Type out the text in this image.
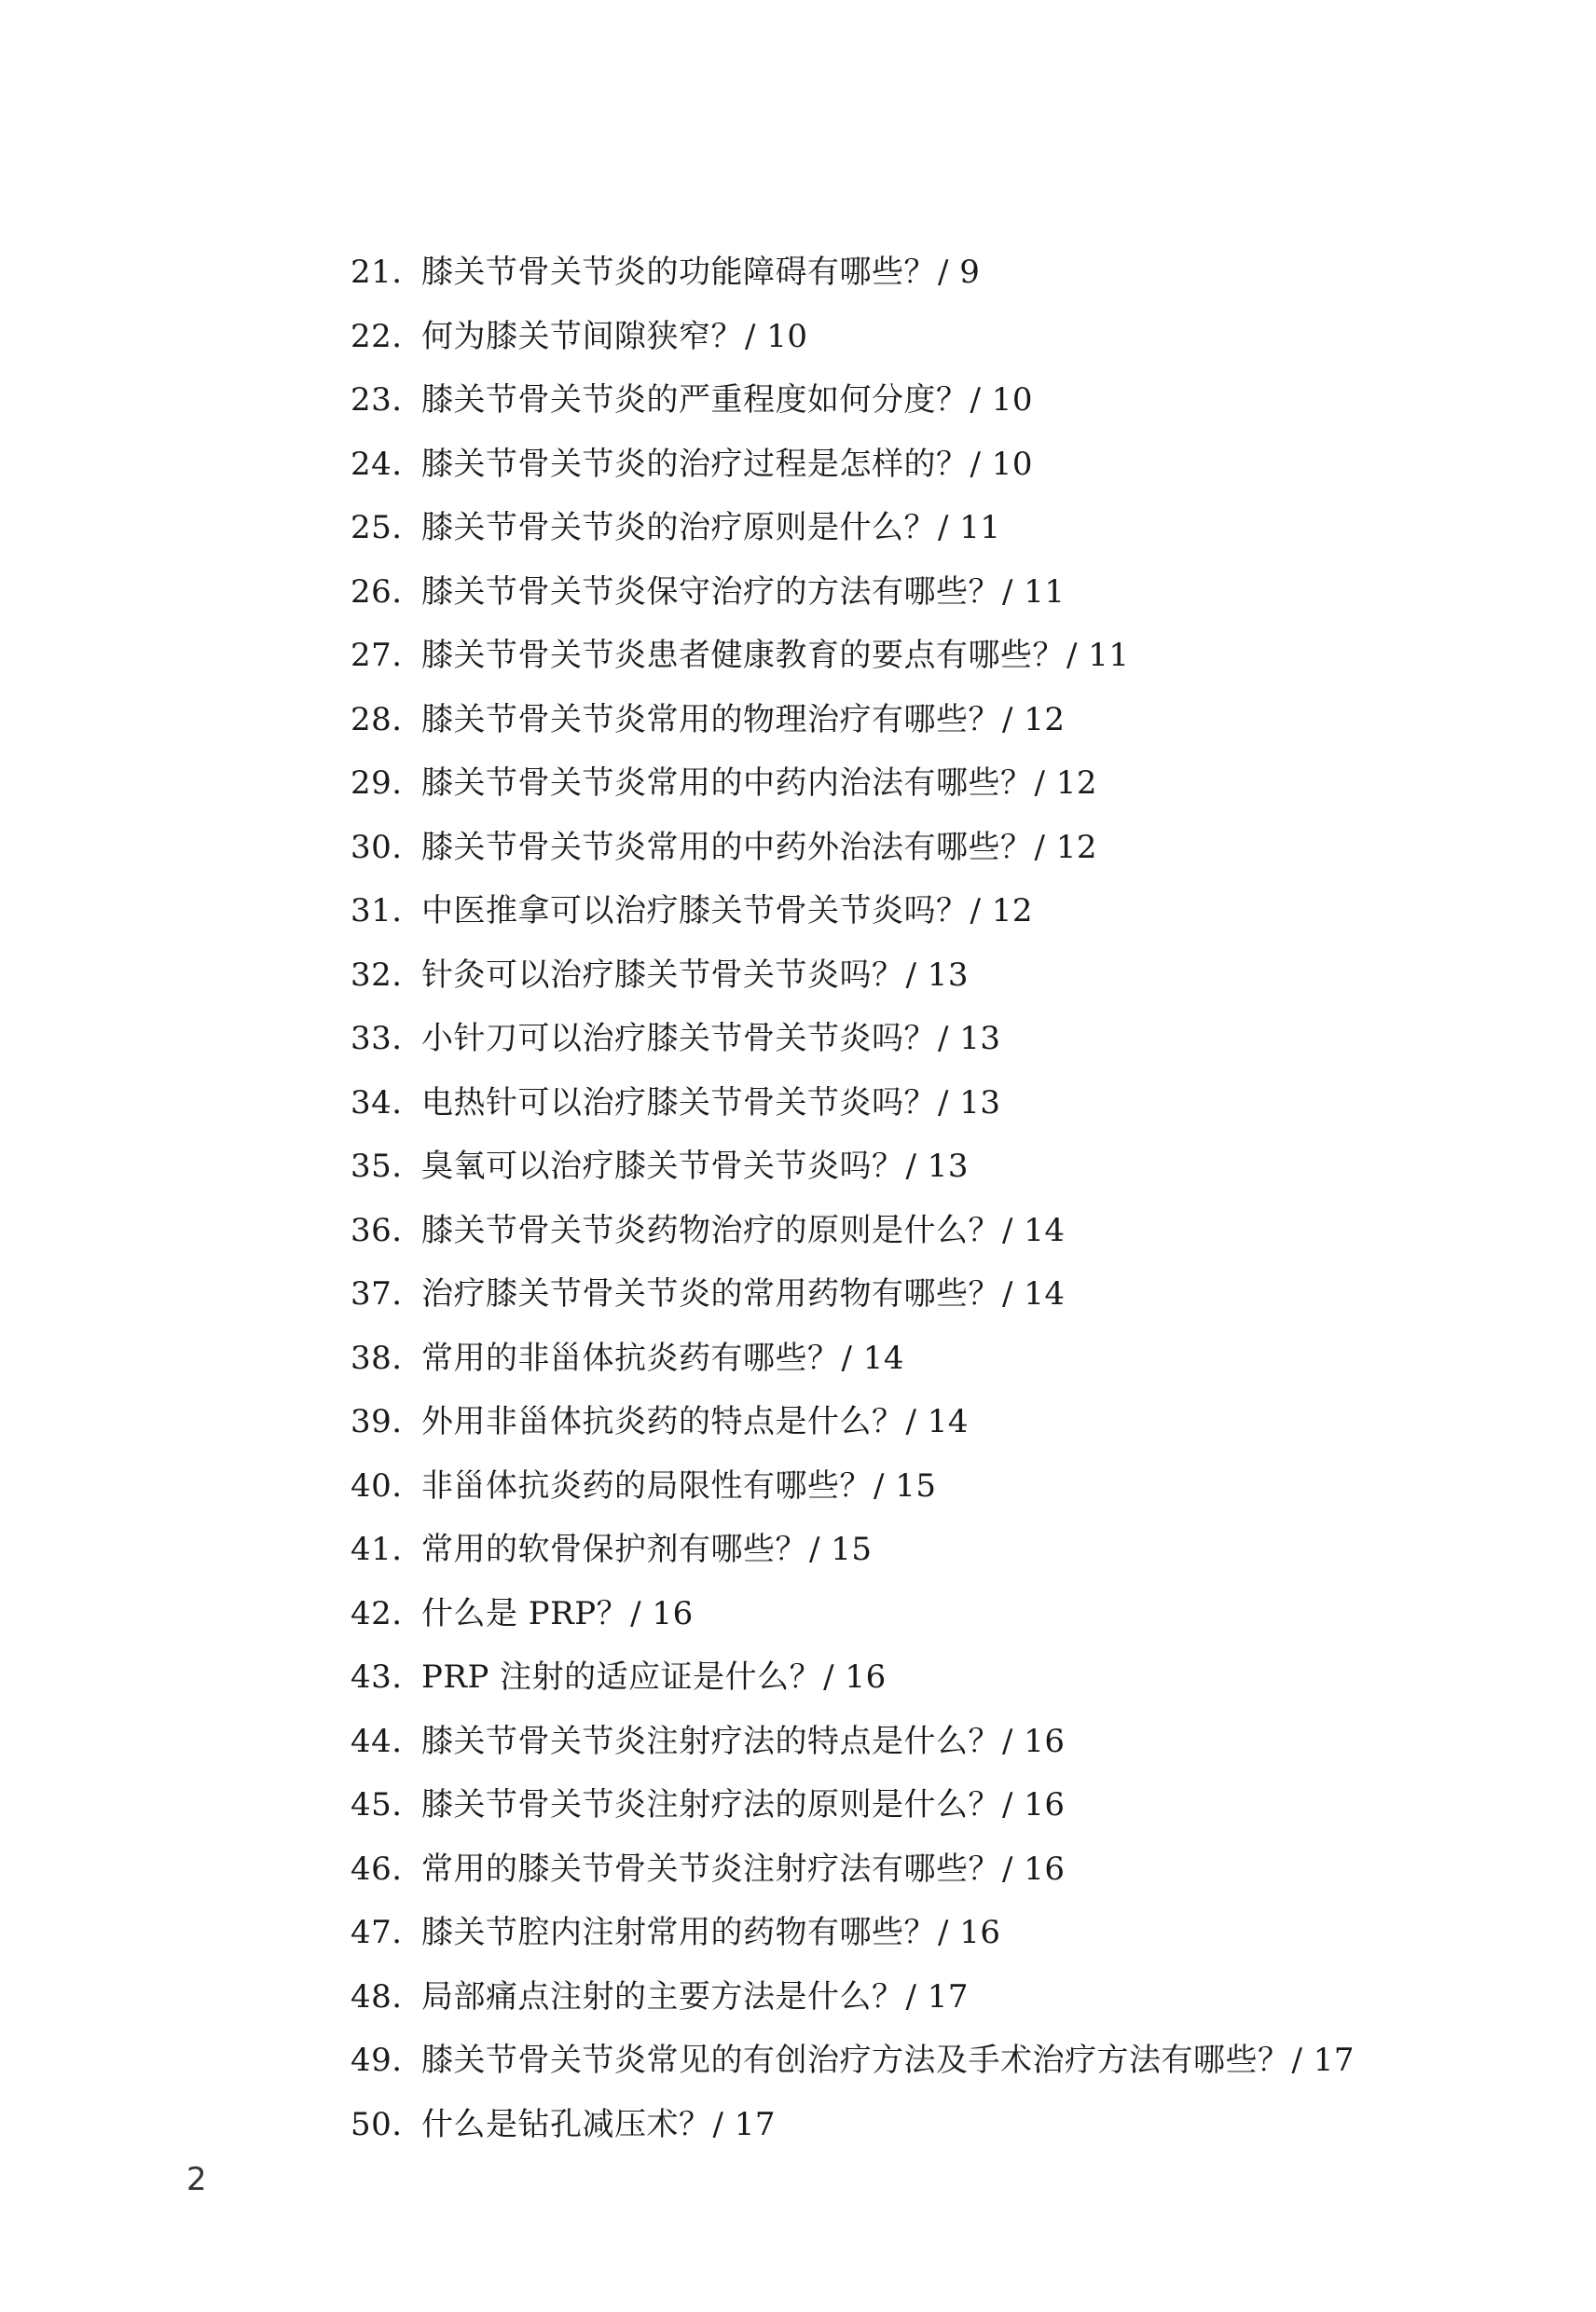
21. 膝关节骨关节炎的功能障碍有哪些？/ 9
22. 何为膝关节间隙狭窄？/ 10
23. 膝关节骨关节炎的严重程度如何分度？/ 10
24. 膝关节骨关节炎的治疗过程是怎样的？/ 10
25. 膝关节骨关节炎的治疗原则是什么？/ 11
26. 膝关节骨关节炎保守治疗的方法有哪些？/ 11
27. 膝关节骨关节炎患者健康教育的要点有哪些？/ 11
28. 膝关节骨关节炎常用的物理治疗有哪些？/ 12
29. 膝关节骨关节炎常用的中药内治法有哪些？/ 12
30. 膝关节骨关节炎常用的中药外治法有哪些？/ 12
31. 中医推拿可以治疗膝关节骨关节炎吗？/ 12
32. 针灸可以治疗膝关节骨关节炎吗？/ 13
33. 小针刀可以治疗膝关节骨关节炎吗？/ 13
34. 电热针可以治疗膝关节骨关节炎吗？/ 13
35. 臭氧可以治疗膝关节骨关节炎吗？/ 13
36. 膝关节骨关节炎药物治疗的原则是什么？/ 14
37. 治疗膝关节骨关节炎的常用药物有哪些？/ 14
38. 常用的非甾体抗炎药有哪些？/ 14
39. 外用非甾体抗炎药的特点是什么？/ 14
40. 非甾体抗炎药的局限性有哪些？/ 15
41. 常用的软骨保护剂有哪些？/ 15
42. 什么是 PRP？/ 16
43. PRP 注射的适应证是什么？/ 16
44. 膝关节骨关节炎注射疗法的特点是什么？/ 16
45. 膝关节骨关节炎注射疗法的原则是什么？/ 16
46. 常用的膝关节骨关节炎注射疗法有哪些？/ 16
47. 膝关节腔内注射常用的药物有哪些？/ 16
48. 局部痛点注射的主要方法是什么？/ 17
49. 膝关节骨关节炎常见的有创治疗方法及手术治疗方法有哪些？/ 17
50. 什么是钻孔减压术？/ 17
2
